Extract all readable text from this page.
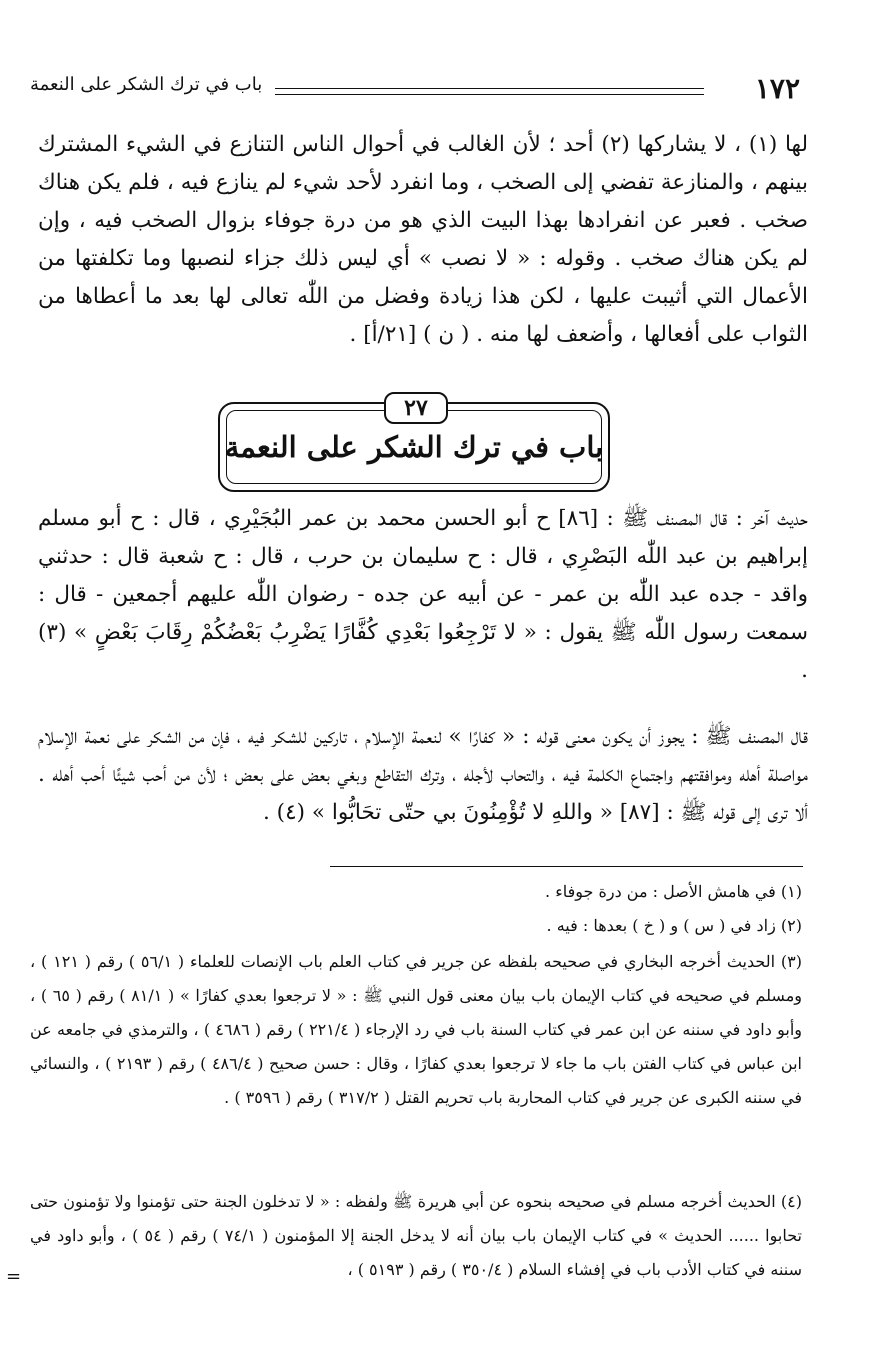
١٧٢
باب في ترك الشكر على النعمة
لها (١) ، لا يشاركها (٢) أحد ؛ لأن الغالب في أحوال الناس التنازع في الشيء المشترك بينهم ، والمنازعة تفضي إلى الصخب ، وما انفرد لأحد شيء لم ينازع فيه ، فلم يكن هناك صخب . فعبر عن انفرادها بهذا البيت الذي هو من درة جوفاء بزوال الصخب فيه ، وإن لم يكن هناك صخب . وقوله : « لا نصب » أي ليس ذلك جزاء لنصبها وما تكلفتها من الأعمال التي أثيبت عليها ، لكن هذا زيادة وفضل من اللّٰه تعالى لها بعد ما أعطاها من الثواب على أفعالها ، وأضعف لها منه . ( ن ) [٢١/أ] .
٢٧
باب في ترك الشكر على النعمة
حديث آخر : قال المصنف ﷺ : [٨٦] ح أبو الحسن محمد بن عمر البُجَيْرِي ، قال : ح أبو مسلم إبراهيم بن عبد اللّٰه البَصْرِي ، قال : ح سليمان بن حرب ، قال : ح شعبة قال : حدثني واقد - جده عبد اللّٰه بن عمر - عن أبيه عن جده - رضوان اللّٰه عليهم أجمعين - قال : سمعت رسول اللّٰه ﷺ يقول : « لا تَرْجِعُوا بَعْدِي كُفَّارًا يَضْرِبُ بَعْضُكُمْ رِقَابَ بَعْضٍ » (٣) .
قال المصنف ﷺ : يجوز أن يكون معنى قوله : « كفارًا » لنعمة الإسلام ، تاركين للشكر فيه ، فإن من الشكر على نعمة الإسلام مواصلة أهله وموافقتهم واجتماع الكلمة فيه ، والتحاب لأجله ، وترك التقاطع وبغي بعض على بعض ؛ لأن من أحب شيئًا أحب أهله . ألا ترى إلى قوله ﷺ : [٨٧] « واللهِ لا تُؤْمِنُونَ بي حتّى تحَابُّوا » (٤) .
(١) في هامش الأصل : من درة جوفاء .
(٢) زاد في ( س ) و ( خ ) بعدها : فيه .
(٣) الحديث أخرجه البخاري في صحيحه بلفظه عن جرير في كتاب العلم باب الإنصات للعلماء ( ٥٦/١ ) رقم ( ١٢١ ) ، ومسلم في صحيحه في كتاب الإيمان باب بيان معنى قول النبي ﷺ : « لا ترجعوا بعدي كفارًا » ( ٨١/١ ) رقم ( ٦٥ ) ، وأبو داود في سننه عن ابن عمر في كتاب السنة باب في رد الإرجاء ( ٢٢١/٤ ) رقم ( ٤٦٨٦ ) ، والترمذي في جامعه عن ابن عباس في كتاب الفتن باب ما جاء لا ترجعوا بعدي كفارًا ، وقال : حسن صحيح ( ٤٨٦/٤ ) رقم ( ٢١٩٣ ) ، والنسائي في سننه الكبرى عن جرير في كتاب المحاربة باب تحريم القتل ( ٣١٧/٢ ) رقم ( ٣٥٩٦ ) .
(٤) الحديث أخرجه مسلم في صحيحه بنحوه عن أبي هريرة ﷺ ولفظه : « لا تدخلون الجنة حتى تؤمنوا ولا تؤمنون حتى تحابوا ...... الحديث » في كتاب الإيمان باب بيان أنه لا يدخل الجنة إلا المؤمنون ( ٧٤/١ ) رقم ( ٥٤ ) ، وأبو داود في سننه في كتاب الأدب باب في إفشاء السلام ( ٣٥٠/٤ ) رقم ( ٥١٩٣ ) ،
=
